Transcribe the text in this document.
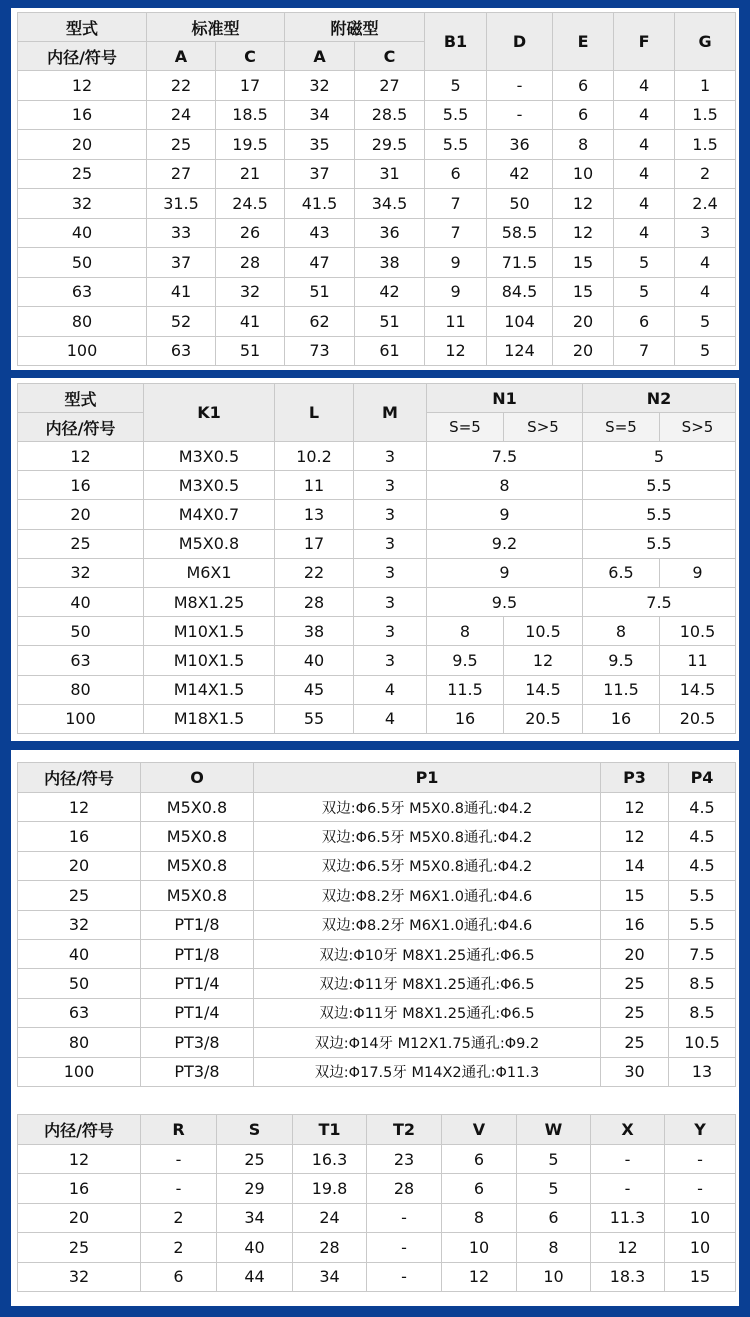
型式	标准型		附磁型		B1	D	E	F	G
内径/符号	A	C	A	C					
12	22	17	32	27	5	-	6	4	1
16	24	18.5	34	28.5	5.5	-	6	4	1.5
20	25	19.5	35	29.5	5.5	36	8	4	1.5
25	27	21	37	31	6	42	10	4	2
32	31.5	24.5	41.5	34.5	7	50	12	4	2.4
40	33	26	43	36	7	58.5	12	4	3
50	37	28	47	38	9	71.5	15	5	4
63	41	32	51	42	9	84.5	15	5	4
80	52	41	62	51	11	104	20	6	5
100	63	51	73	61	12	124	20	7	5
型式	K1	L	M	N1		N2	
内径/符号				S=5	S>5	S=5	S>5
12	M3X0.5	10.2	3	7.5		5	
16	M3X0.5	11	3	8		5.5	
20	M4X0.7	13	3	9		5.5	
25	M5X0.8	17	3	9.2		5.5	
32	M6X1	22	3	9		6.5	9
40	M8X1.25	28	3	9.5		7.5	
50	M10X1.5	38	3	8	10.5	8	10.5
63	M10X1.5	40	3	9.5	12	9.5	11
80	M14X1.5	45	4	11.5	14.5	11.5	14.5
100	M18X1.5	55	4	16	20.5	16	20.5
内径/符号	O	P1	P3	P4
12	M5X0.8	双边:Φ6.5牙 M5X0.8通孔:Φ4.2	12	4.5
16	M5X0.8	双边:Φ6.5牙 M5X0.8通孔:Φ4.2	12	4.5
20	M5X0.8	双边:Φ6.5牙 M5X0.8通孔:Φ4.2	14	4.5
25	M5X0.8	双边:Φ8.2牙 M6X1.0通孔:Φ4.6	15	5.5
32	PT1/8	双边:Φ8.2牙 M6X1.0通孔:Φ4.6	16	5.5
40	PT1/8	双边:Φ10牙 M8X1.25通孔:Φ6.5	20	7.5
50	PT1/4	双边:Φ11牙 M8X1.25通孔:Φ6.5	25	8.5
63	PT1/4	双边:Φ11牙 M8X1.25通孔:Φ6.5	25	8.5
80	PT3/8	双边:Φ14牙 M12X1.75通孔:Φ9.2	25	10.5
100	PT3/8	双边:Φ17.5牙 M14X2通孔:Φ11.3	30	13
内径/符号	R	S	T1	T2	V	W	X	Y
12	-	25	16.3	23	6	5	-	-
16	-	29	19.8	28	6	5	-	-
20	2	34	24	-	8	6	11.3	10
25	2	40	28	-	10	8	12	10
32	6	44	34	-	12	10	18.3	15
